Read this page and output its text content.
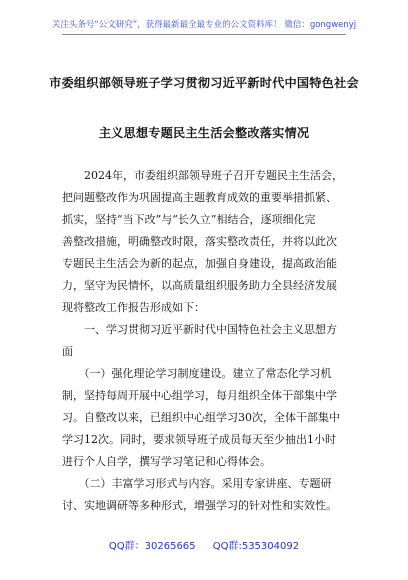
关注头条号“公文研究”，获得最新最全最专业的公文资料库！ 微信：gongwenyj
市委组织部领导班子学习贯彻习近平新时代中国特色社会
主义思想专题民主生活会整改落实情况
　　2024年，市委组织部领导班子召开专题民主生活会，
把问题整改作为巩固提高主题教育成效的重要举措抓紧、
抓实，坚持“当下改”与“长久立”相结合，逐项细化完
善整改措施，明确整改时限，落实整改责任，并将以此次
专题民主生活会为新的起点，加强自身建设，提高政治能
力，坚守为民情怀，以高质量组织服务助力全县经济发展
现将整改工作报告形成如下：
　　一、学习贯彻习近平新时代中国特色社会主义思想方
面
　　（一）强化理论学习制度建设。建立了常态化学习机
制，坚持每周开展中心组学习，每月组织全体干部集中学
习。自整改以来，已组织中心组学习30次，全体干部集中
学习12次。同时，要求领导班子成员每天至少抽出1小时
进行个人自学，撰写学习笔记和心得体会。
　　（二）丰富学习形式与内容。采用专家讲座、专题研
讨、实地调研等多种形式，增强学习的针对性和实效性。
QQ群：30265665 QQ群:535304092
